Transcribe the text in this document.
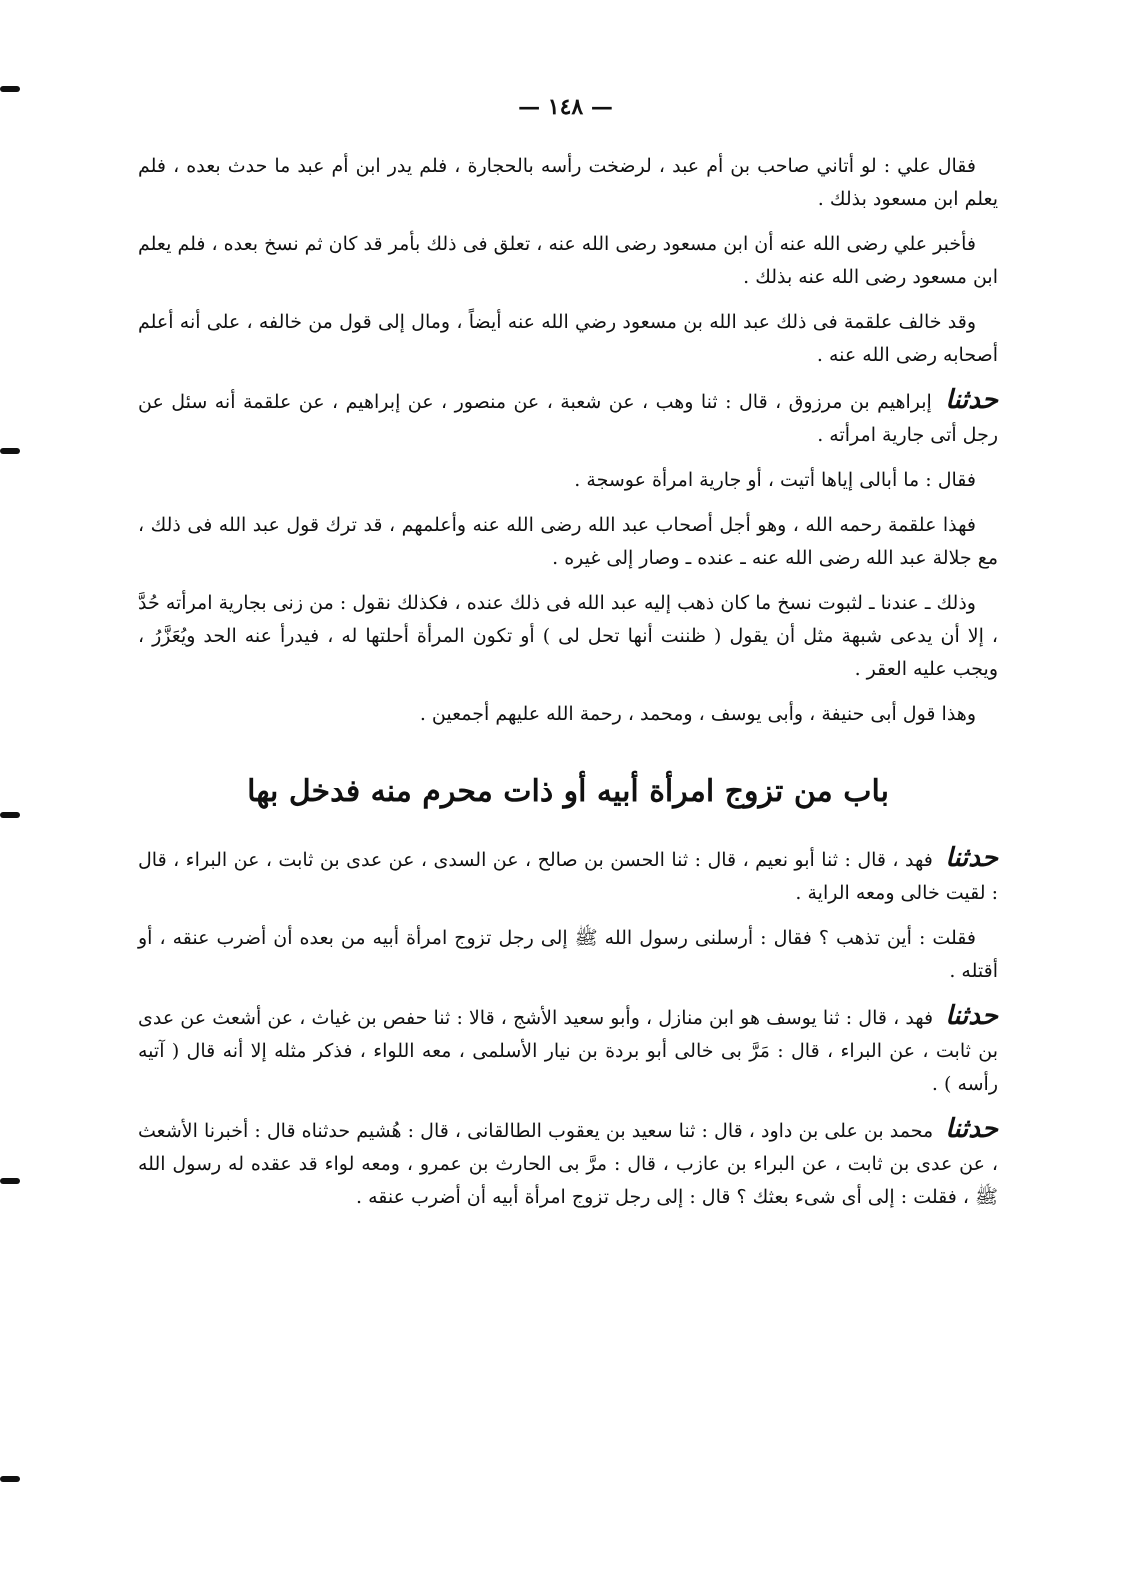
— ١٤٨ —

فقال علي : لو أتاني صاحب بن أم عبد ، لرضخت رأسه بالحجارة ، فلم يدر ابن أم عبد ما حدث بعده ، فلم يعلم ابن مسعود بذلك .

فأخبر علي رضى الله عنه أن ابن مسعود رضى الله عنه ، تعلق فى ذلك بأمر قد كان ثم نسخ بعده ، فلم يعلم ابن مسعود رضى الله عنه بذلك .

وقد خالف علقمة فى ذلك عبد الله بن مسعود رضي الله عنه أيضاً ، ومال إلى قول من خالفه ، على أنه أعلم أصحابه رضى الله عنه .

حدثنا إبراهيم بن مرزوق ، قال : ثنا وهب ، عن شعبة ، عن منصور ، عن إبراهيم ، عن علقمة أنه سئل عن رجل أتى جارية امرأته .

فقال : ما أبالى إياها أتيت ، أو جارية امرأة عوسجة .

فهذا علقمة رحمه الله ، وهو أجل أصحاب عبد الله رضى الله عنه وأعلمهم ، قد ترك قول عبد الله فى ذلك ، مع جلالة عبد الله رضى الله عنه ـ عنده ـ وصار إلى غيره .

وذلك ـ عندنا ـ لثبوت نسخ ما كان ذهب إليه عبد الله فى ذلك عنده ، فكذلك نقول : من زنى بجارية امرأته حُدَّ ، إلا أن يدعى شبهة مثل أن يقول ( ظننت أنها تحل لى ) أو تكون المرأة أحلتها له ، فيدرأ عنه الحد ويُعَزَّرُ ، ويجب عليه العقر .

وهذا قول أبى حنيفة ، وأبى يوسف ، ومحمد ، رحمة الله عليهم أجمعين .

باب من تزوج امرأة أبيه أو ذات محرم منه فدخل بها

حدثنا فهد ، قال : ثنا أبو نعيم ، قال : ثنا الحسن بن صالح ، عن السدى ، عن عدى بن ثابت ، عن البراء ، قال : لقيت خالى ومعه الراية .

فقلت : أين تذهب ؟ فقال : أرسلنى رسول الله ﷺ إلى رجل تزوج امرأة أبيه من بعده أن أضرب عنقه ، أو أقتله .

حدثنا فهد ، قال : ثنا يوسف هو ابن منازل ، وأبو سعيد الأشج ، قالا : ثنا حفص بن غياث ، عن أشعث عن عدى بن ثابت ، عن البراء ، قال : مَرَّ بى خالى أبو بردة بن نيار الأسلمى ، معه اللواء ، فذكر مثله إلا أنه قال ( آتيه رأسه ) .

حدثنا محمد بن على بن داود ، قال : ثنا سعيد بن يعقوب الطالقانى ، قال : هُشيم حدثناه قال : أخبرنا الأشعث ، عن عدى بن ثابت ، عن البراء بن عازب ، قال : مرَّ بى الحارث بن عمرو ، ومعه لواء قد عقده له رسول الله ﷺ ، فقلت : إلى أى شىء بعثك ؟ قال : إلى رجل تزوج امرأة أبيه أن أضرب عنقه .
